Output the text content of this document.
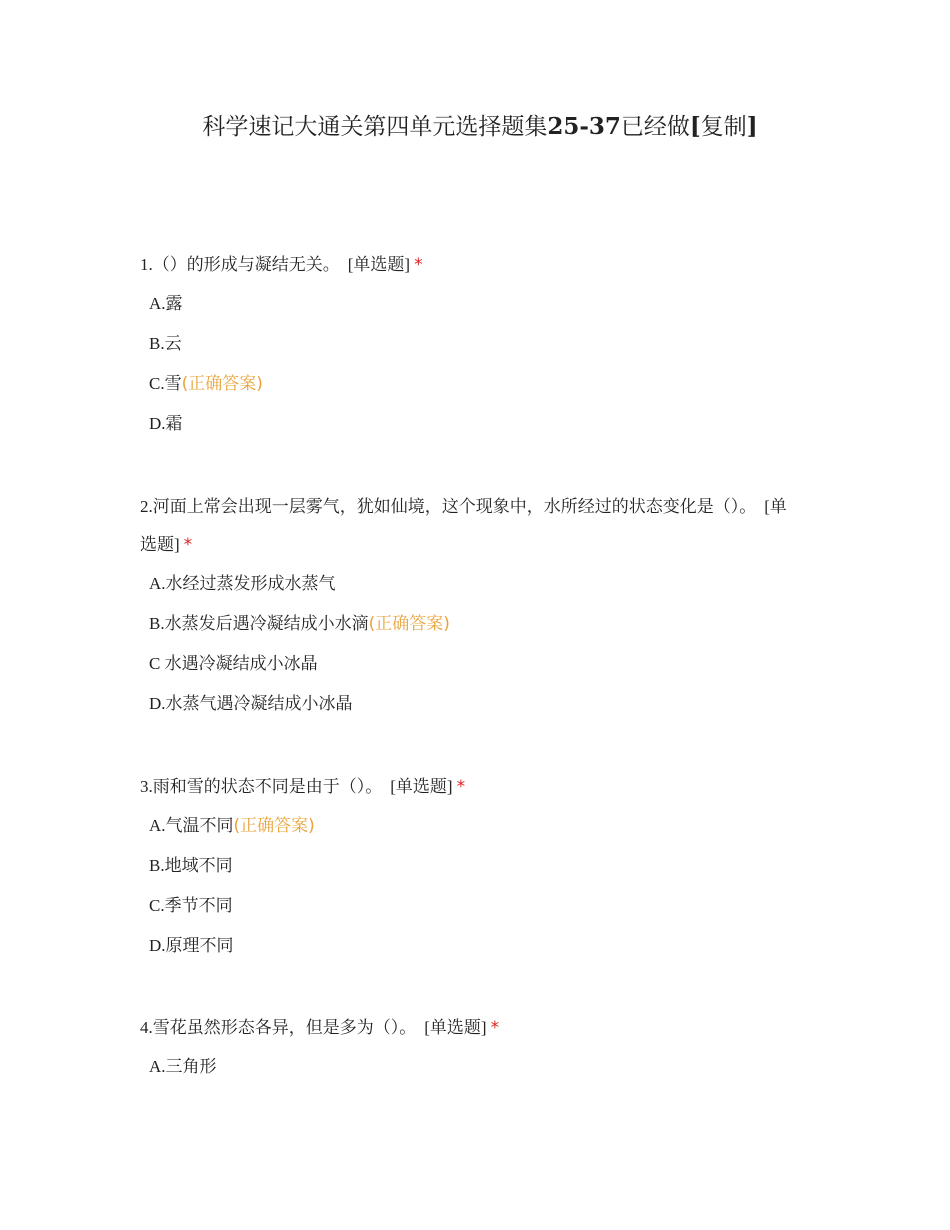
科学速记大通关第四单元选择题集25-37已经做[复制]

1.（）的形成与凝结无关。 [单选题] *

A. 露

B. 云

C. 雪 (正确答案)

D. 霜

2.河面上常会出现一层雾气，犹如仙境，这个现象中，水所经过的状态变化是（）。 [单选题] *

A. 水经过蒸发形成水蒸气

B. 水蒸发后遇冷凝结成小水滴 (正确答案)

C 水遇冷凝结成小冰晶

D. 水蒸气遇冷凝结成小冰晶

3.雨和雪的状态不同是由于（）。 [单选题] *

A. 气温不同 (正确答案)

B. 地域不同

C. 季节不同

D. 原理不同

4.雪花虽然形态各异，但是多为（）。 [单选题] *

A. 三角形
